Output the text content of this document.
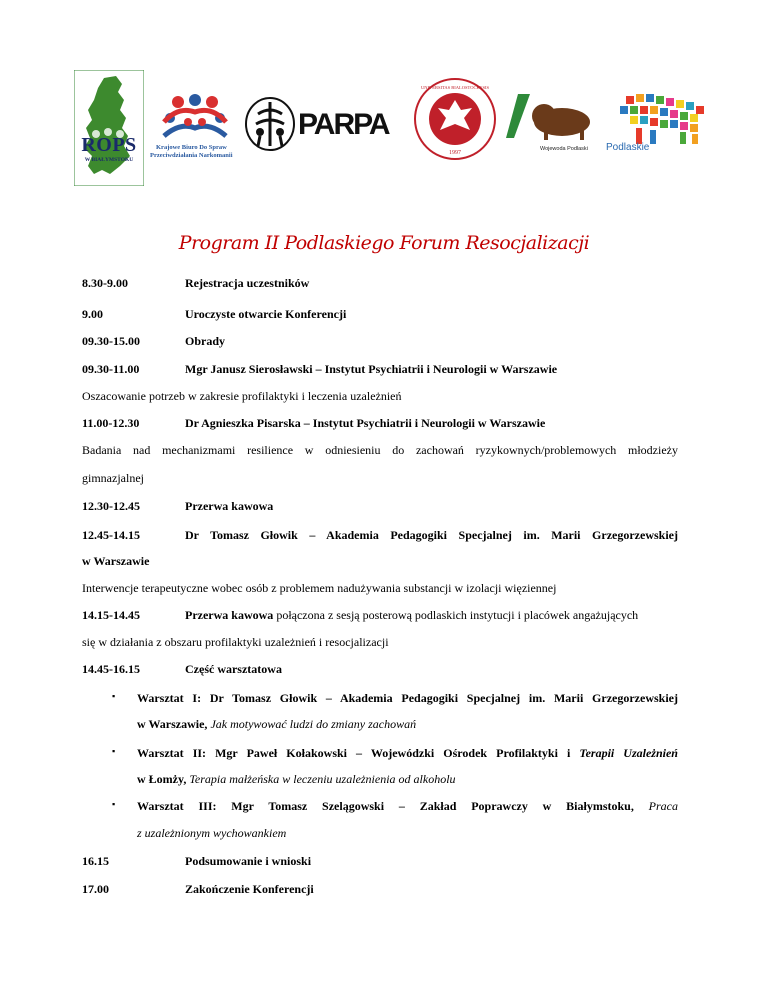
ROPS
W BIAŁYMSTOKU
Krajowe Biuro Do Spraw
Przeciwdziałania Narkomanii
PARPA
1997
UNIVERSITAS BIALOSTOCENSIS
Wojewoda Podlaski Podlaskie
Program II Podlaskiego Forum Resocjalizacji
8.30-9.00	Rejestracja uczestników
9.00	Uroczyste otwarcie Konferencji
09.30-15.00	Obrady
09.30-11.00	Mgr Janusz Sierosławski – Instytut Psychiatrii i Neurologii w Warszawie
Oszacowanie potrzeb w zakresie profilaktyki i leczenia uzależnień
11.00-12.30	Dr Agnieszka Pisarska – Instytut Psychiatrii i Neurologii w Warszawie
Badania nad mechanizmami resilience w odniesieniu do zachowań ryzykownych/problemowych młodzieży
gimnazjalnej
12.30-12.45	Przerwa kawowa
12.45-14.15	Dr Tomasz Głowik – Akademia Pedagogiki Specjalnej im. Marii Grzegorzewskiej
w Warszawie
Interwencje terapeutyczne wobec osób z problemem nadużywania substancji w izolacji więziennej
14.15-14.45	Przerwa kawowa połączona z sesją posterową podlaskich instytucji i placówek angażujących
się w działania z obszaru profilaktyki uzależnień i resocjalizacji
14.45-16.15	Część warsztatowa
▪ Warsztat I: Dr Tomasz Głowik – Akademia Pedagogiki Specjalnej im. Marii Grzegorzewskiej
w Warszawie, Jak motywować ludzi do zmiany zachowań
▪ Warsztat II: Mgr Paweł Kołakowski – Wojewódzki Ośrodek Profilaktyki i Terapii Uzależnień
w Łomży, Terapia małżeńska w leczeniu uzależnienia od alkoholu
▪ Warsztat III: Mgr Tomasz Szelągowski – Zakład Poprawczy w Białymstoku, Praca
z uzależnionym wychowankiem
16.15	Podsumowanie i wnioski
17.00	Zakończenie Konferencji
